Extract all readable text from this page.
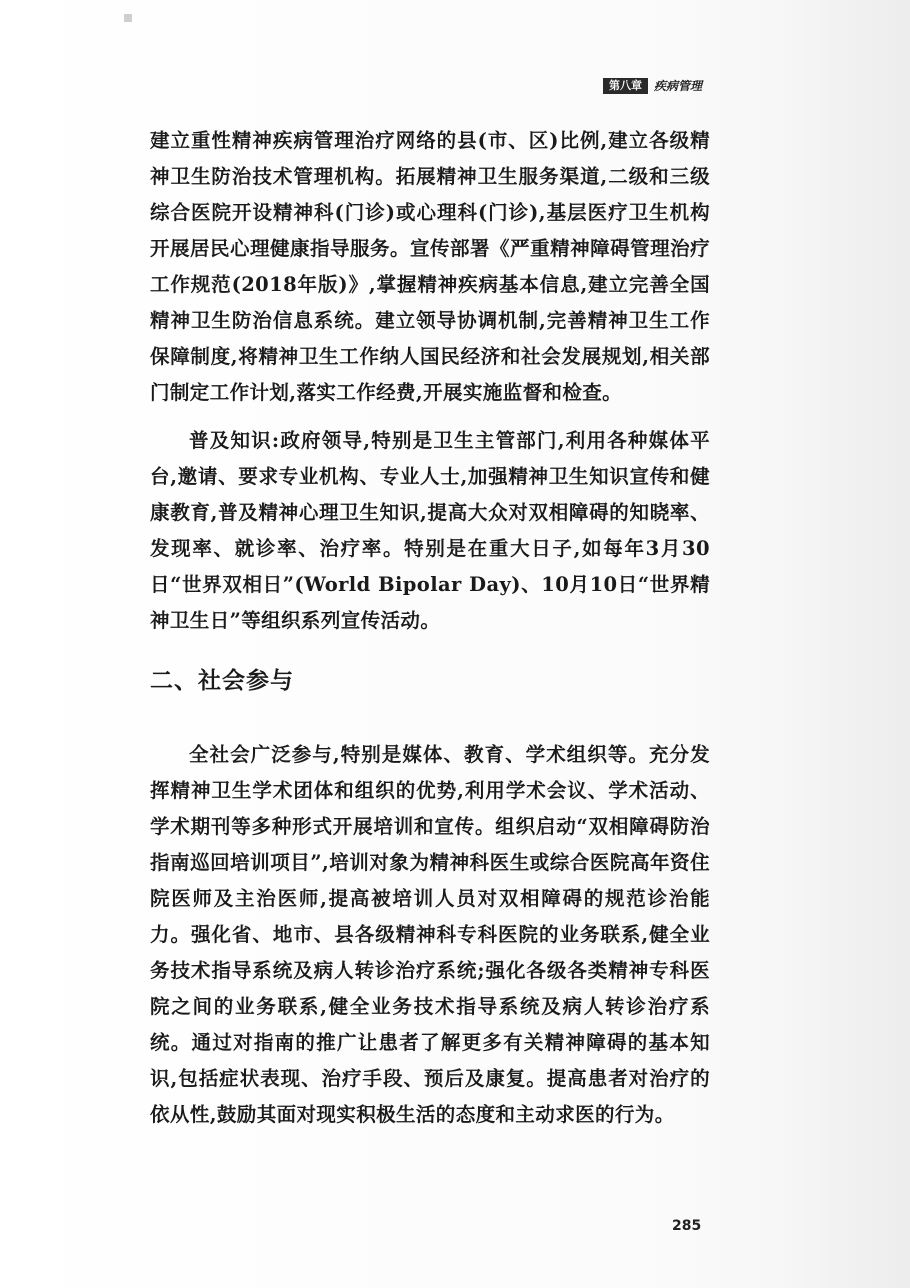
第八章	疾病管理

建立重性精神疾病管理治疗网络的县(市、区)比例,建立各级精神卫生防治技术管理机构。拓展精神卫生服务渠道,二级和三级综合医院开设精神科(门诊)或心理科(门诊),基层医疗卫生机构开展居民心理健康指导服务。宣传部署《严重精神障碍管理治疗工作规范(2018年版)》,掌握精神疾病基本信息,建立完善全国精神卫生防治信息系统。建立领导协调机制,完善精神卫生工作保障制度,将精神卫生工作纳人国民经济和社会发展规划,相关部门制定工作计划,落实工作经费,开展实施监督和检查。

普及知识:政府领导,特别是卫生主管部门,利用各种媒体平台,邀请、要求专业机构、专业人士,加强精神卫生知识宣传和健康教育,普及精神心理卫生知识,提高大众对双相障碍的知晓率、发现率、就诊率、治疗率。特别是在重大日子,如每年3月30日“世界双相日”(World Bipolar Day)、10月10日“世界精神卫生日”等组织系列宣传活动。

二、社会参与

全社会广泛参与,特别是媒体、教育、学术组织等。充分发挥精神卫生学术团体和组织的优势,利用学术会议、学术活动、学术期刊等多种形式开展培训和宣传。组织启动“双相障碍防治指南巡回培训项目”,培训对象为精神科医生或综合医院高年资住院医师及主治医师,提高被培训人员对双相障碍的规范诊治能力。强化省、地市、县各级精神科专科医院的业务联系,健全业务技术指导系统及病人转诊治疗系统;强化各级各类精神专科医院之间的业务联系,健全业务技术指导系统及病人转诊治疗系统。通过对指南的推广让患者了解更多有关精神障碍的基本知识,包括症状表现、治疗手段、预后及康复。提高患者对治疗的依从性,鼓励其面对现实积极生活的态度和主动求医的行为。

285
